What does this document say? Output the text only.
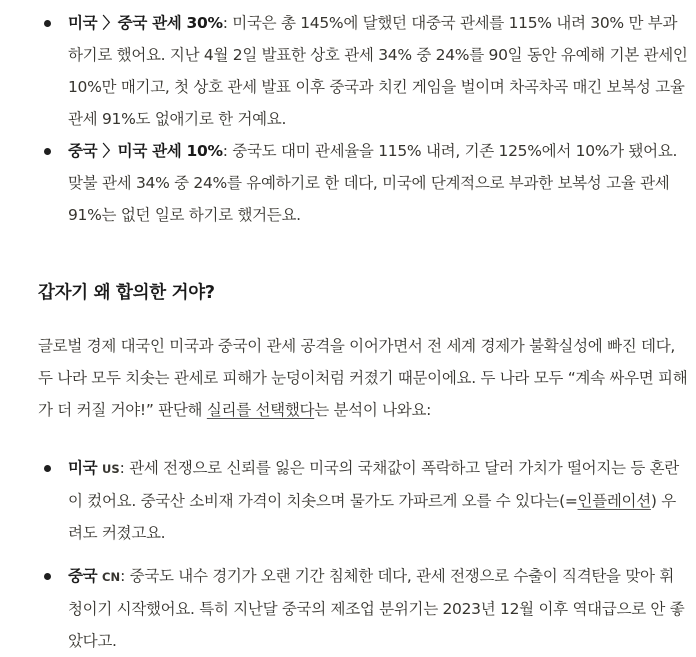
미국 〉중국 관세 30%: 미국은 총 145%에 달했던 대중국 관세를 115% 내려 30% 만 부과하기로 했어요. 지난 4월 2일 발표한 상호 관세 34% 중 24%를 90일 동안 유예해 기본 관세인 10%만 매기고, 첫 상호 관세 발표 이후 중국과 치킨 게임을 벌이며 차곡차곡 매긴 보복성 고율 관세 91%도 없애기로 한 거예요.
중국 〉미국 관세 10%: 중국도 대미 관세율을 115% 내려, 기존 125%에서 10%가 됐어요. 맞불 관세 34% 중 24%를 유예하기로 한 데다, 미국에 단계적으로 부과한 보복성 고율 관세 91%는 없던 일로 하기로 했거든요.
갑자기 왜 합의한 거야?
글로벌 경제 대국인 미국과 중국이 관세 공격을 이어가면서 전 세계 경제가 불확실성에 빠진 데다, 두 나라 모두 치솟는 관세로 피해가 눈덩이처럼 커졌기 때문이에요. 두 나라 모두 “계속 싸우면 피해가 더 커질 거야!” 판단해 실리를 선택했다는 분석이 나와요:
미국 US: 관세 전쟁으로 신뢰를 잃은 미국의 국채값이 폭락하고 달러 가치가 떨어지는 등 혼란이 컸어요. 중국산 소비재 가격이 치솟으며 물가도 가파르게 오를 수 있다는(=인플레이션) 우려도 커졌고요.
중국 CN: 중국도 내수 경기가 오랜 기간 침체한 데다, 관세 전쟁으로 수출이 직격탄을 맞아 휘청이기 시작했어요. 특히 지난달 중국의 제조업 분위기는 2023년 12월 이후 역대급으로 안 좋았다고.
